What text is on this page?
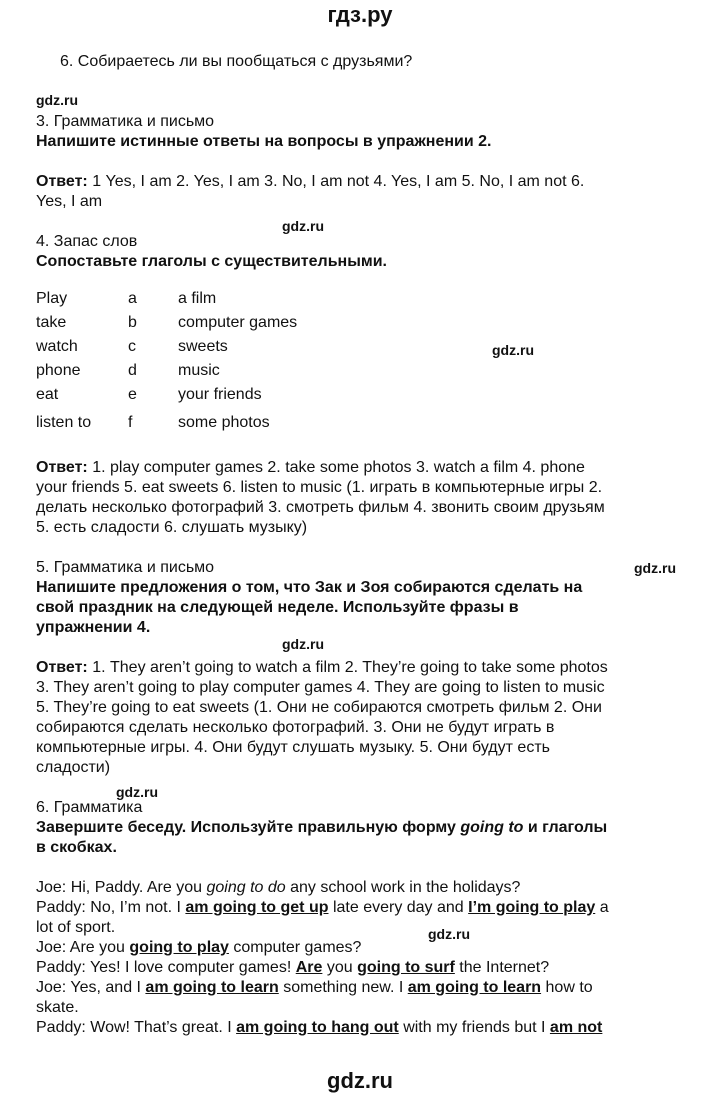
гдз.ру
6. Собираетесь ли вы пообщаться с друзьями?
gdz.ru
3. Грамматика и письмо
Напишите истинные ответы на вопросы в упражнении 2.
Ответ: 1 Yes, I am 2. Yes, I am 3. No, I am not 4. Yes, I am 5. No, I am not 6.
Yes, I am
gdz.ru
4. Запас слов
Сопоставьте глаголы с существительными.
Play	a	a film
take	b	computer games
watch	c	sweets
phone	d	music
eat	e	your friends
listen to	f	some photos
gdz.ru
Ответ: 1. play computer games 2. take some photos 3. watch a film 4. phone
your friends 5. eat sweets 6. listen to music (1. играть в компьютерные игры 2.
делать несколько фотографий 3. смотреть фильм 4. звонить своим друзьям
5. есть сладости 6. слушать музыку)
5. Грамматика и письмо	gdz.ru
Напишите предложения о том, что Зак и Зоя собираются сделать на
свой праздник на следующей неделе. Используйте фразы в
упражнении 4.
gdz.ru
Ответ: 1. They aren’t going to watch a film 2. They’re going to take some photos
3. They aren’t going to play computer games 4. They are going to listen to music
5. They’re going to eat sweets (1. Они не собираются смотреть фильм 2. Они
собираются сделать несколько фотографий. 3. Они не будут играть в
компьютерные игры. 4. Они будут слушать музыку. 5. Они будут есть
сладости)
gdz.ru
6. Грамматика
Завершите беседу. Используйте правильную форму going to и глаголы
в скобках.
Joe: Hi, Paddy. Are you going to do any school work in the holidays?
Paddy: No, I’m not. I am going to get up late every day and I’m going to play a
lot of sport.	gdz.ru
Joe: Are you going to play computer games?
Paddy: Yes! I love computer games! Are you going to surf the Internet?
Joe: Yes, and I am going to learn something new. I am going to learn how to
skate.
Paddy: Wow! That’s great. I am going to hang out with my friends but I am not
gdz.ru
